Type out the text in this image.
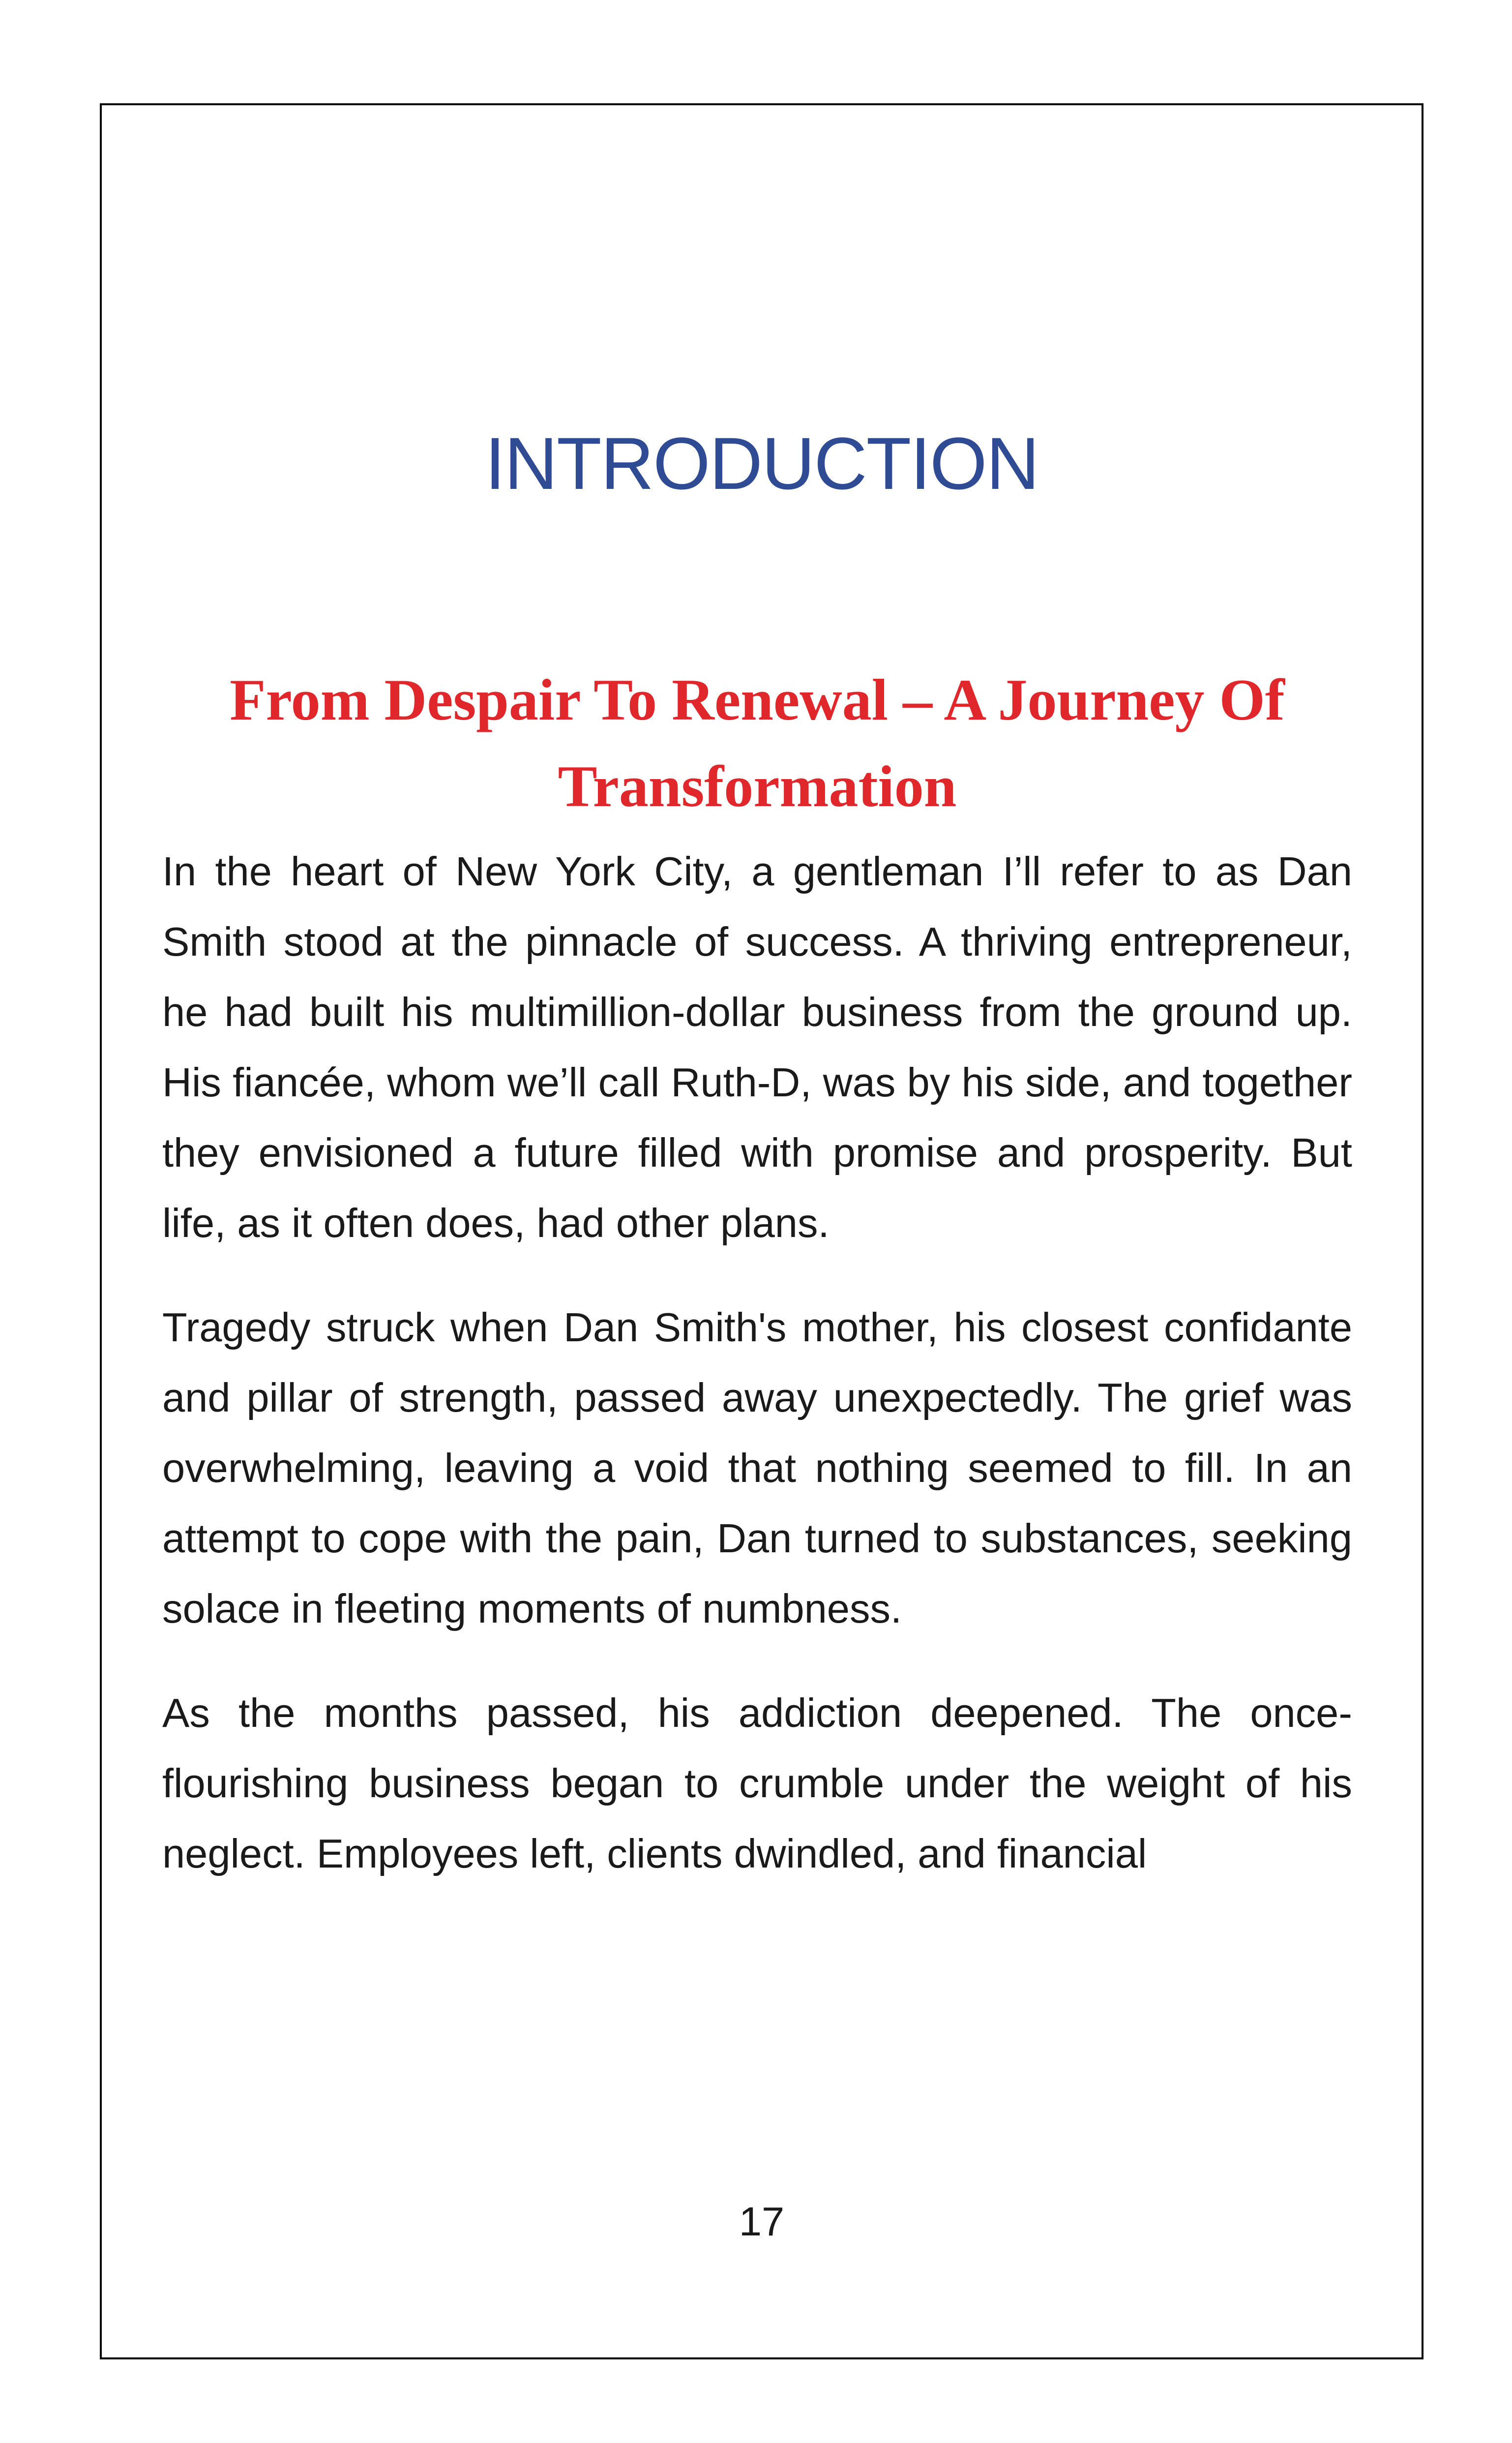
INTRODUCTION
From Despair To Renewal – A Journey Of Transformation

In the heart of New York City, a gentleman I’ll refer to as Dan Smith stood at the pinnacle of success. A thriving entrepreneur, he had built his multimillion-dollar business from the ground up. His fiancée, whom we’ll call Ruth-D, was by his side, and together they envisioned a future filled with promise and prosperity. But life, as it often does, had other plans.

Tragedy struck when Dan Smith's mother, his closest confidante and pillar of strength, passed away unexpectedly. The grief was overwhelming, leaving a void that nothing seemed to fill. In an attempt to cope with the pain, Dan turned to substances, seeking solace in fleeting moments of numbness.

As the months passed, his addiction deepened. The once-flourishing business began to crumble under the weight of his neglect. Employees left, clients dwindled, and financial

17
